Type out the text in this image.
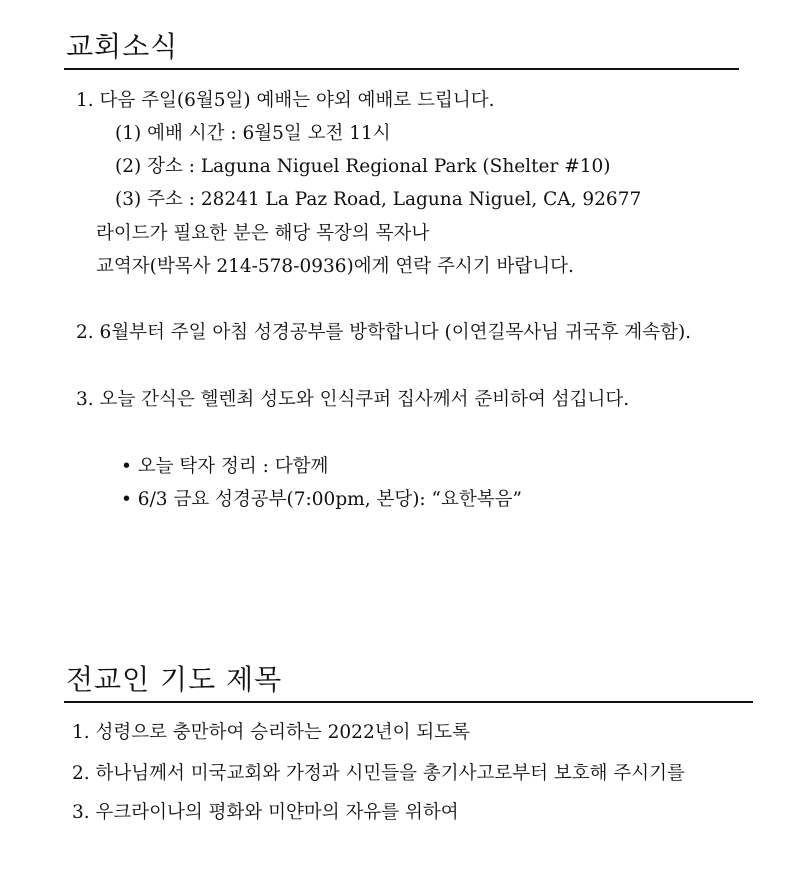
교회소식

1. 다음 주일(6월5일) 예배는 야외 예배로 드립니다.

(1) 예배 시간 : 6월5일 오전 11시

(2) 장소 : Laguna Niguel Regional Park (Shelter #10)

(3) 주소 : 28241 La Paz Road, Laguna Niguel, CA, 92677

라이드가 필요한 분은 해당 목장의 목자나

교역자(박목사 214-578-0936)에게 연락 주시기 바랍니다.

2. 6월부터 주일 아침 성경공부를 방학합니다 (이연길목사님 귀국후 계속함).

3. 오늘 간식은 헬렌최 성도와 인식쿠퍼 집사께서 준비하여 섬깁니다.

• 오늘 탁자 정리 : 다함께

• 6/3 금요 성경공부(7:00pm, 본당): “요한복음”

전교인 기도 제목

1. 성령으로 충만하여 승리하는 2022년이 되도록

2. 하나님께서 미국교회와 가정과 시민들을 총기사고로부터 보호해 주시기를

3. 우크라이나의 평화와 미얀마의 자유를 위하여
